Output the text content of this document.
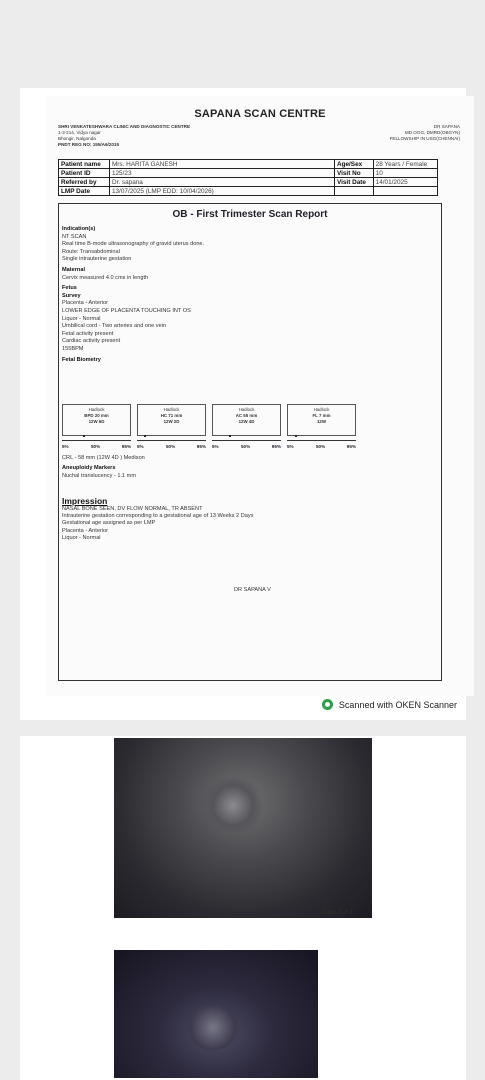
SAPANA SCAN CENTRE
SHRI VENKATESHWARA CLINIC AND DIAGNOSTIC CENTRE
1-3-214, Vidya nagar
Bhongir, Nalgonda
PNDT REG NO: 155/A6/2015
DR SAPANA
MD OGG, DMRD(OBGYN)
FELLOWSHIP IN USG(CHENNAI)
Patient name	Mrs. HARITA GANESH	Age/Sex	28 Years / Female
Patient ID	125/23	Visit No	10
Referred by	Dr. sapana	Visit Date	14/01/2025
LMP Date	13/07/2025 (LMP EDD: 10/04/2026)		
OB - First Trimester Scan Report
Indication(s)
NT SCAN
Real time B-mode ultrasonography of gravid uterus done.
Route: Transabdominal
Single intrauterine gestation
Maternal
Cervix measured 4.0 cms in length
Fetus
Survey
Placenta - Anterior
LOWER EDGE OF PLACENTA TOUCHING INT OS
Liquor - Normal
Umbilical cord - Two arteries and one vein
Fetal activity present
Cardiac activity present
155BPM
Fetal Biometry
Hadlock
BPD 20 mm
12W 6D
Hadlock
HC 71 mm
12W 2D
Hadlock
AC 55 mm
12W 4D
Hadlock
FL 7 mm
12W
5%	50%	95% 5%	50%	95% 5%	50%	95% 5%	50%	95%
CRL - 58 mm (12W 4D ) Medison
Aneuploidy Markers
Nuchal translucency - 1.1 mm
Impression
NASAL BONE SEEN, DV FLOW NORMAL, TR ABSENT
Intrauterine gestation corresponding to a gestational age of 13 Weeks 2 Days
Gestational age assigned as per LMP
Placenta - Anterior
Liquor - Normal
DR SAPANA V
Scanned with OKEN Scanner
Page 3 of 3
